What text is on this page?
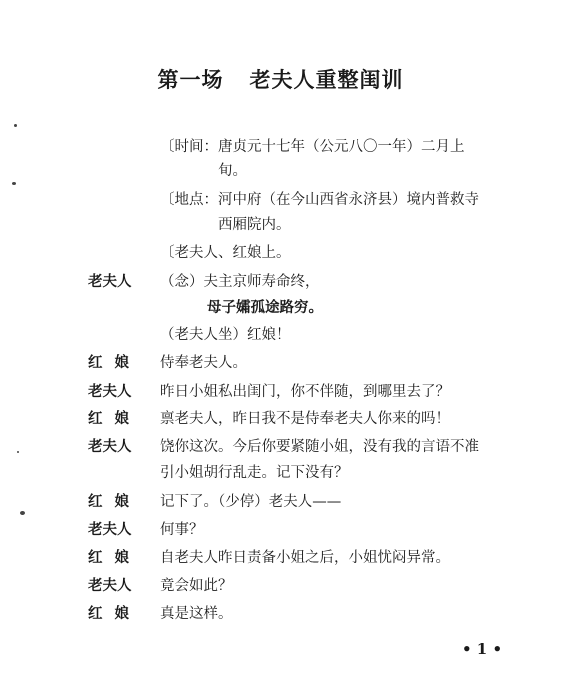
第一场 老夫人重整闺训
〔时间：唐贞元十七年（公元八〇一年）二月上
旬。
〔地点：河中府（在今山西省永济县）境内普救寺
西厢院内。
〔老夫人、红娘上。
老夫人 （念）夫主京师寿命终，
母子孀孤途路穷。
（老夫人坐）红娘！
红娘 侍奉老夫人。
老夫人 昨日小姐私出闺门，你不伴随，到哪里去了？
红娘 禀老夫人，昨日我不是侍奉老夫人你来的吗！
老夫人 饶你这次。今后你要紧随小姐，没有我的言语不准
引小姐胡行乱走。记下没有？
红娘 记下了。（少停）老夫人——
老夫人 何事？
红娘 自老夫人昨日责备小姐之后，小姐忧闷异常。
老夫人 竟会如此？
红娘 真是这样。
• 1 •
